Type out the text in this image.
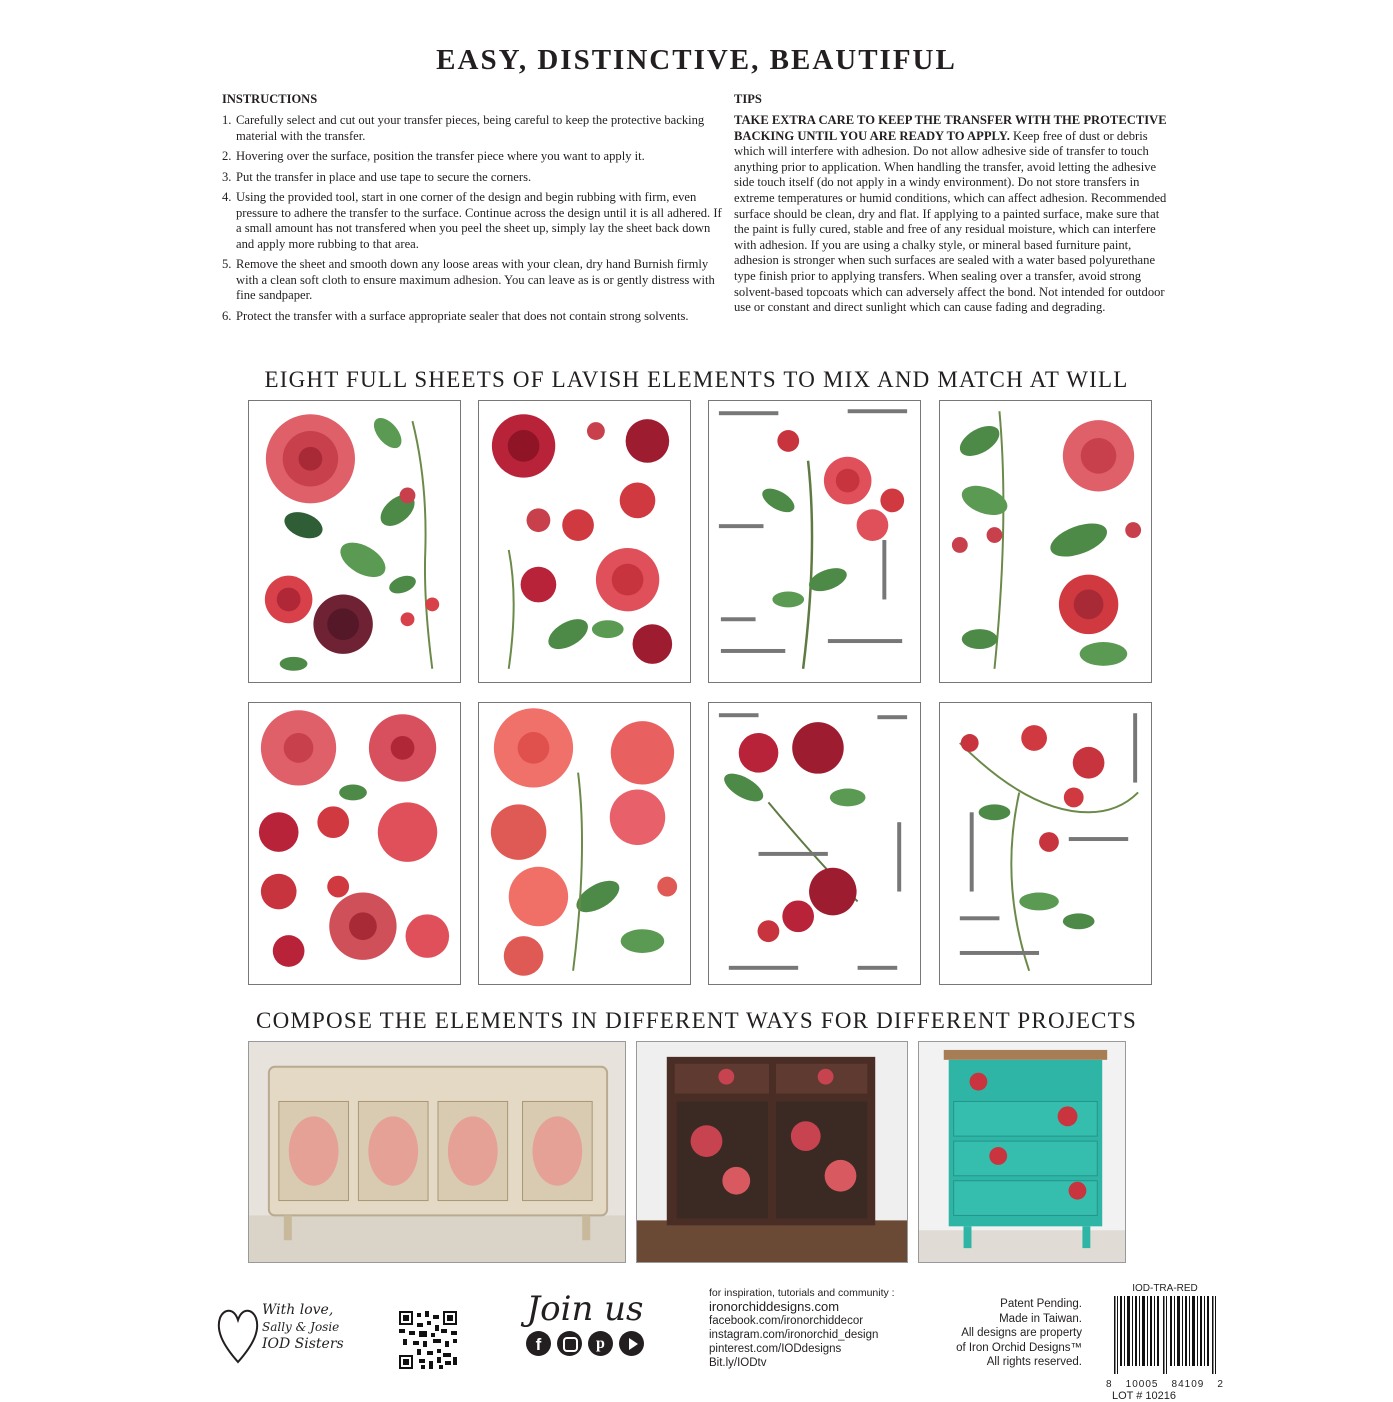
EASY, DISTINCTIVE, BEAUTIFUL
INSTRUCTIONS
1. Carefully select and cut out your transfer pieces, being careful to keep the protective backing material with the transfer.
2. Hovering over the surface, position the transfer piece where you want to apply it.
3. Put the transfer in place and use tape to secure the corners.
4. Using the provided tool, start in one corner of the design and begin rubbing with firm, even pressure to adhere the transfer to the surface. Continue across the design until it is all adhered. If a small amount has not transfered when you peel the sheet up, simply lay the sheet back down and apply more rubbing to that area.
5. Remove the sheet and smooth down any loose areas with your clean, dry hand Burnish firmly with a clean soft cloth to ensure maximum adhesion. You can leave as is or gently distress with fine sandpaper.
6. Protect the transfer with a surface appropriate sealer that does not contain strong solvents.
TIPS
TAKE EXTRA CARE TO KEEP THE TRANSFER WITH THE PROTECTIVE BACKING UNTIL YOU ARE READY TO APPLY. Keep free of dust or debris which will interfere with adhesion. Do not allow adhesive side of transfer to touch anything prior to application. When handling the transfer, avoid letting the adhesive side touch itself (do not apply in a windy environment). Do not store transfers in extreme temperatures or humid conditions, which can affect adhesion. Recommended surface should be clean, dry and flat. If applying to a painted surface, make sure that the paint is fully cured, stable and free of any residual moisture, which can interfere with adhesion. If you are using a chalky style, or mineral based furniture paint, adhesion is stronger when such surfaces are sealed with a water based polyurethane type finish prior to applying transfers. When sealing over a transfer, avoid strong solvent-based topcoats which can adversely affect the bond. Not intended for outdoor use or constant and direct sunlight which can cause fading and degrading.
EIGHT FULL SHEETS OF LAVISH ELEMENTS TO MIX AND MATCH AT WILL
COMPOSE THE ELEMENTS IN DIFFERENT WAYS FOR DIFFERENT PROJECTS
With love,
Sally & Josie
IOD Sisters
Join us
f	p
for inspiration, tutorials and community :
ironorchiddesigns.com
facebook.com/ironorchiddecor
instagram.com/ironorchid_design
pinterest.com/IODdesigns
Bit.ly/IODtv
Patent Pending.
Made in Taiwan.
All designs are property
of Iron Orchid Designs™
All rights reserved.
IOD-TRA-RED
8 10005 84109 2
LOT # 10216
